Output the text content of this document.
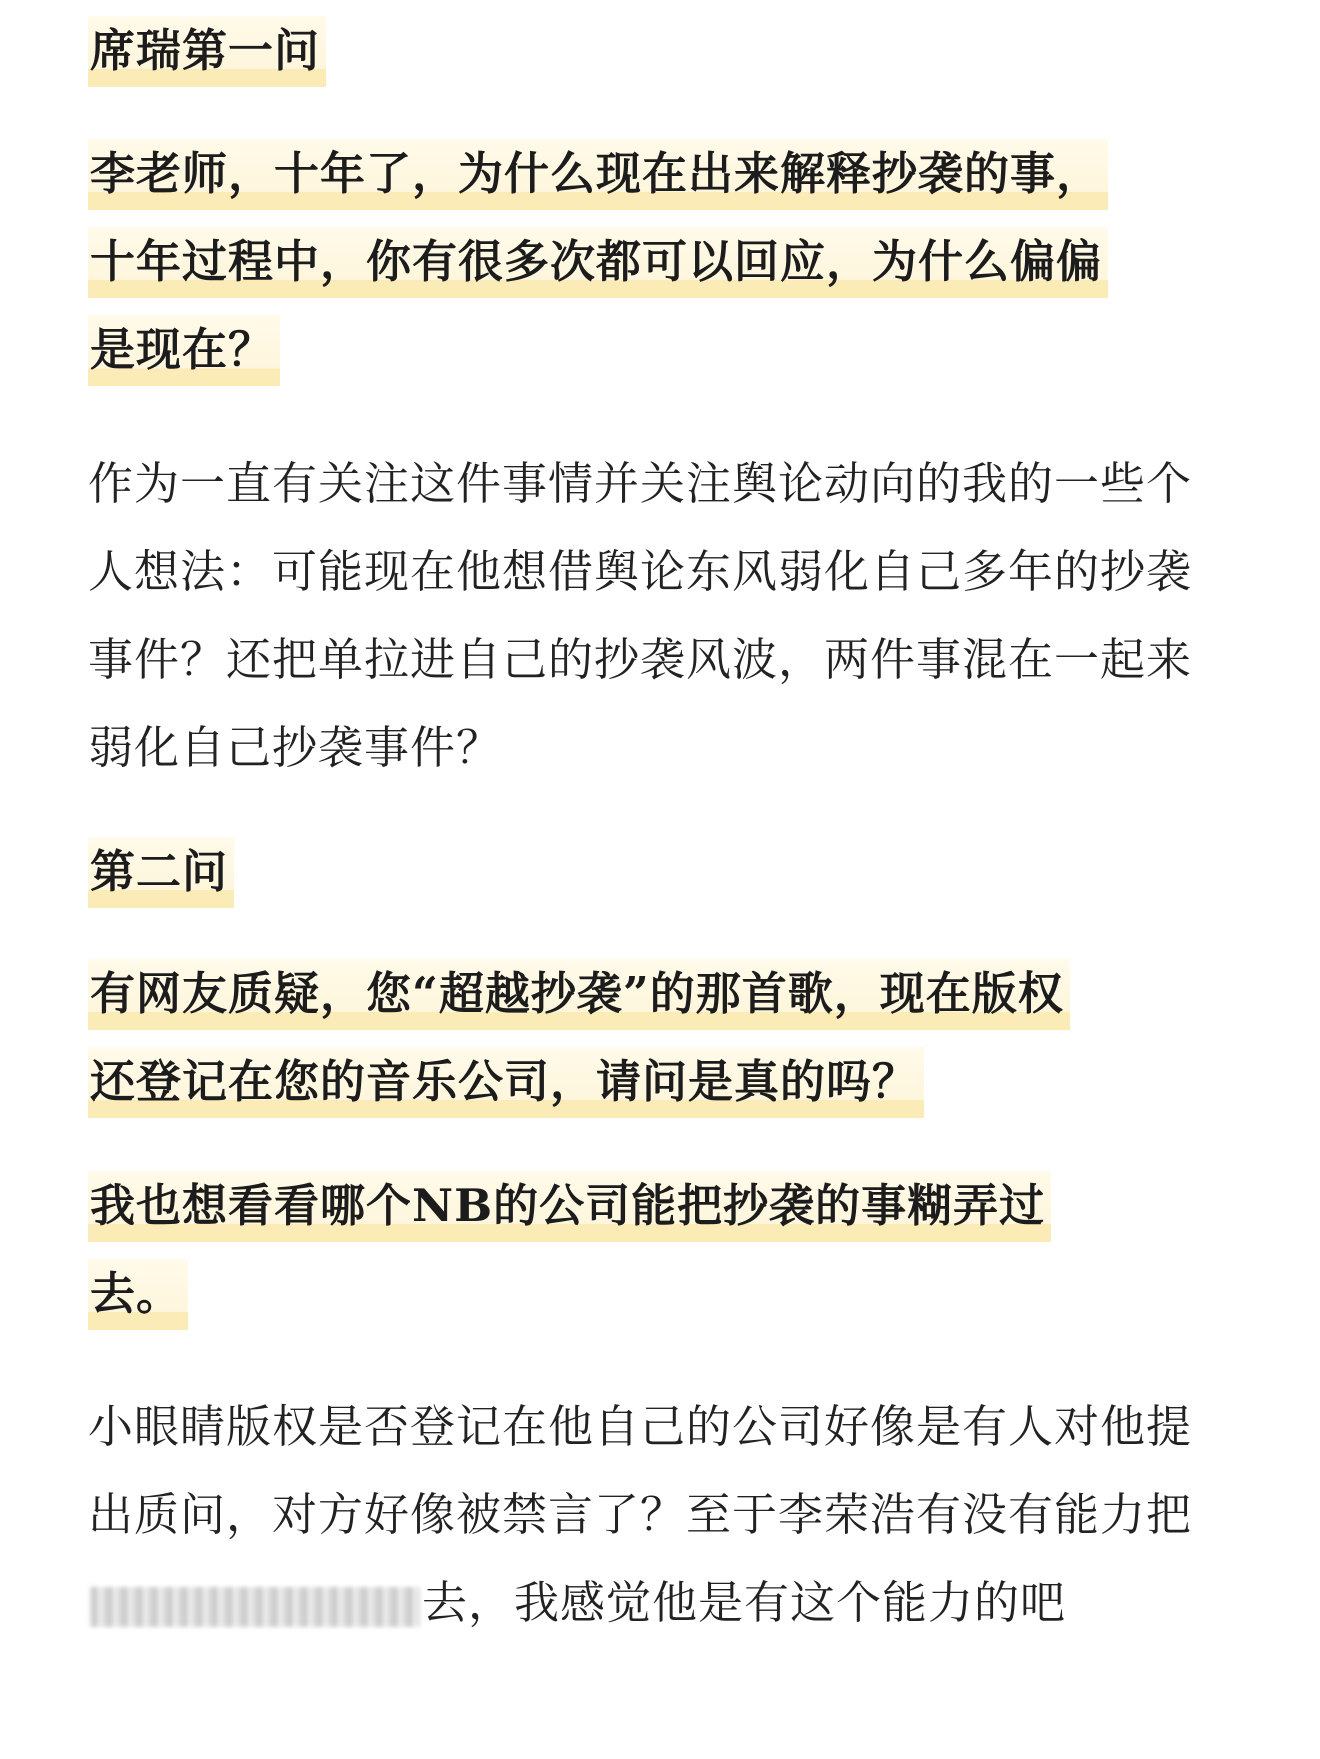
席瑞第一问
李老师，十年了，为什么现在出来解释抄袭的事，
十年过程中，你有很多次都可以回应，为什么偏偏
是现在？

作为一直有关注这件事情并关注舆论动向的我的一些个人想法：可能现在他想借舆论东风弱化自己多年的抄袭事件？还把单拉进自己的抄袭风波，两件事混在一起来弱化自己抄袭事件？

第二问
有网友质疑，您“超越抄袭”的那首歌，现在版权
还登记在您的音乐公司，请问是真的吗？
我也想看看哪个NB的公司能把抄袭的事糊弄过
去。

小眼睛版权是否登记在他自己的公司好像是有人对他提出质问，对方好像被禁言了？至于李荣浩有没有能力把去，我感觉他是有这个能力的吧
